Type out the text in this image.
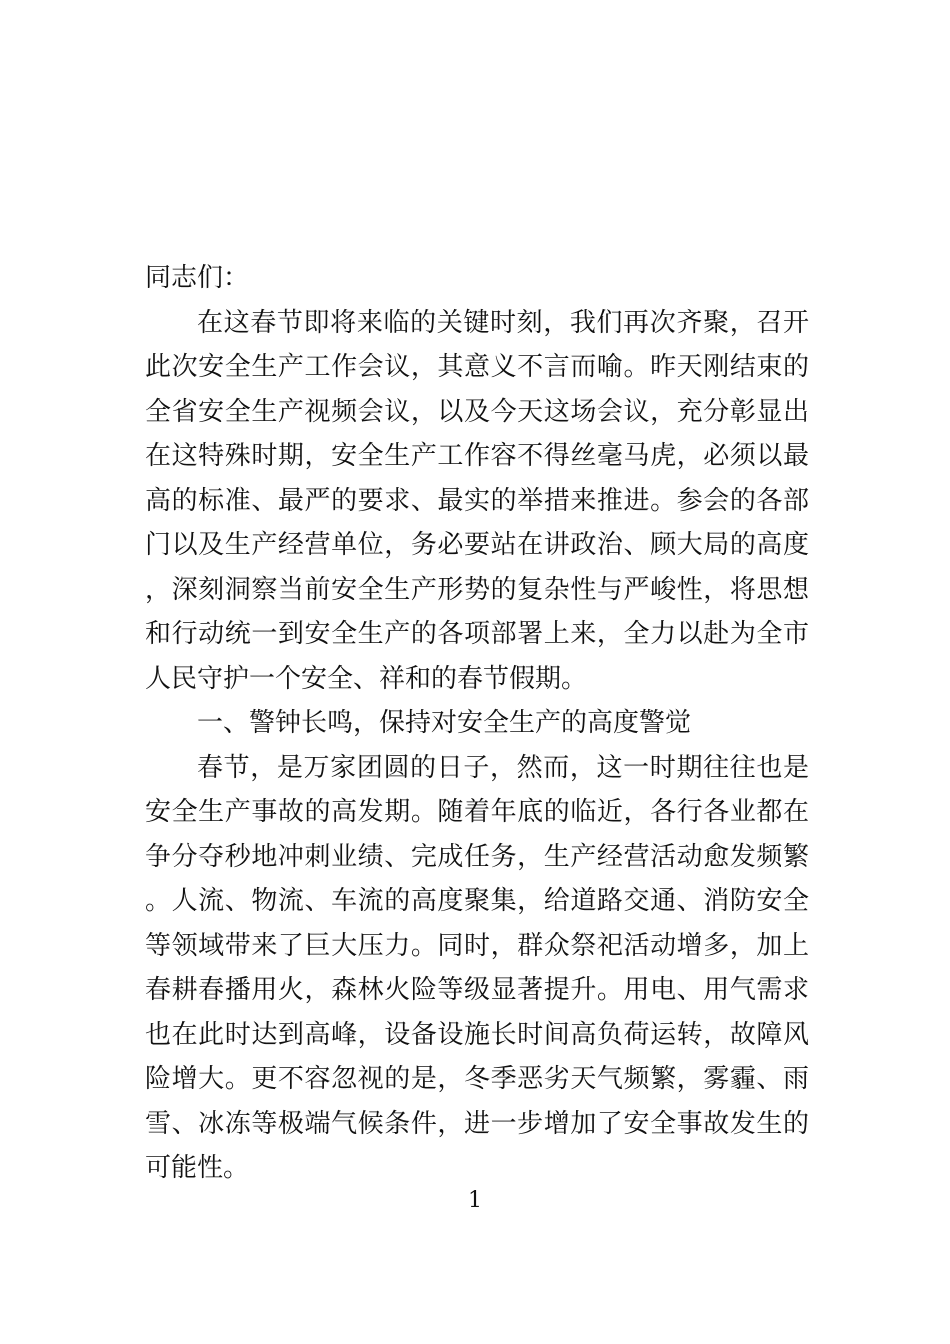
同志们：

在这春节即将来临的关键时刻，我们再次齐聚，召开此次安全生产工作会议，其意义不言而喻。昨天刚结束的全省安全生产视频会议，以及今天这场会议，充分彰显出在这特殊时期，安全生产工作容不得丝毫马虎，必须以最高的标准、最严的要求、最实的举措来推进。参会的各部门以及生产经营单位，务必要站在讲政治、顾大局的高度，深刻洞察当前安全生产形势的复杂性与严峻性，将思想和行动统一到安全生产的各项部署上来，全力以赴为全市人民守护一个安全、祥和的春节假期。

一、警钟长鸣，保持对安全生产的高度警觉

春节，是万家团圆的日子，然而，这一时期往往也是安全生产事故的高发期。随着年底的临近，各行各业都在争分夺秒地冲刺业绩、完成任务，生产经营活动愈发频繁。人流、物流、车流的高度聚集，给道路交通、消防安全等领域带来了巨大压力。同时，群众祭祀活动增多，加上春耕春播用火，森林火险等级显著提升。用电、用气需求也在此时达到高峰，设备设施长时间高负荷运转，故障风险增大。更不容忽视的是，冬季恶劣天气频繁，雾霾、雨雪、冰冻等极端气候条件，进一步增加了安全事故发生的可能性。

1
